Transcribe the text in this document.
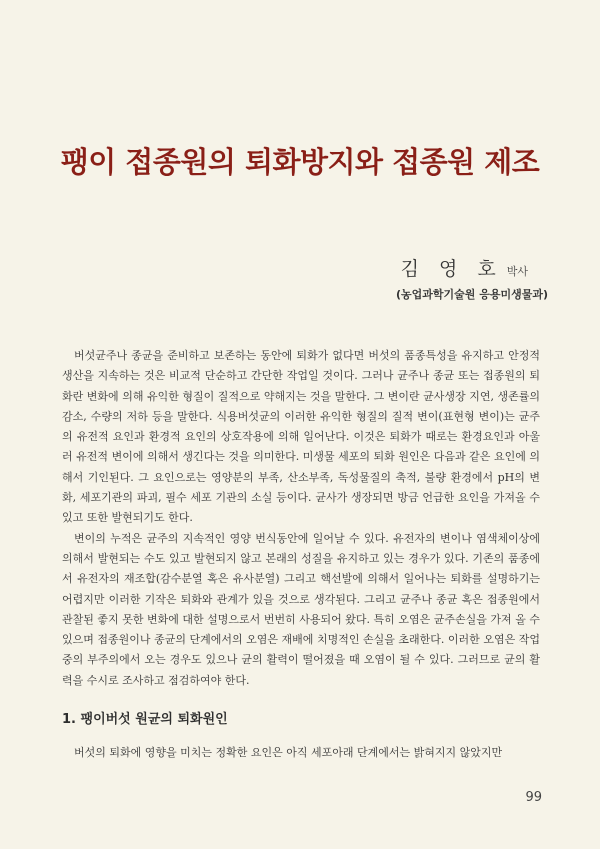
팽이 접종원의 퇴화방지와 접종원 제조
김 영 호 박사
(농업과학기술원 응용미생물과)

버섯균주나 종균을 준비하고 보존하는 동안에 퇴화가 없다면 버섯의 품종특성을 유지하고 안정적 생산을 지속하는 것은 비교적 단순하고 간단한 작업일 것이다. 그러나 균주나 종균 또는 접종원의 퇴화란 변화에 의해 유익한 형질이 질적으로 약해지는 것을 말한다. 그 변이란 균사생장 지연, 생존률의 감소, 수량의 저하 등을 말한다. 식용버섯균의 이러한 유익한 형질의 질적 변이(표현형 변이)는 균주의 유전적 요인과 환경적 요인의 상호작용에 의해 일어난다. 이것은 퇴화가 때로는 환경요인과 아울러 유전적 변이에 의해서 생긴다는 것을 의미한다. 미생물 세포의 퇴화 원인은 다음과 같은 요인에 의해서 기인된다. 그 요인으로는 영양분의 부족, 산소부족, 독성물질의 축적, 불량 환경에서 pH의 변화, 세포기관의 파괴, 필수 세포 기관의 소실 등이다. 균사가 생장되면 방금 언급한 요인을 가져올 수 있고 또한 발현되기도 한다.

변이의 누적은 균주의 지속적인 영양 번식동안에 일어날 수 있다. 유전자의 변이나 염색체이상에 의해서 발현되는 수도 있고 발현되지 않고 본래의 성질을 유지하고 있는 경우가 있다. 기존의 품종에서 유전자의 재조합(감수분열 혹은 유사분열) 그리고 핵선발에 의해서 일어나는 퇴화를 설명하기는 어렵지만 이러한 기작은 퇴화와 관계가 있을 것으로 생각된다. 그리고 균주나 종균 혹은 접종원에서 관찰된 좋지 못한 변화에 대한 설명으로서 번번히 사용되어 왔다. 특히 오염은 균주손실을 가져 올 수 있으며 접종원이나 종균의 단계에서의 오염은 재배에 치명적인 손실을 초래한다. 이러한 오염은 작업중의 부주의에서 오는 경우도 있으나 균의 활력이 떨어졌을 때 오염이 될 수 있다. 그러므로 균의 활력을 수시로 조사하고 점검하여야 한다.

1. 팽이버섯 원균의 퇴화원인

버섯의 퇴화에 영향을 미치는 정확한 요인은 아직 세포아래 단계에서는 밝혀지지 않았지만

99
